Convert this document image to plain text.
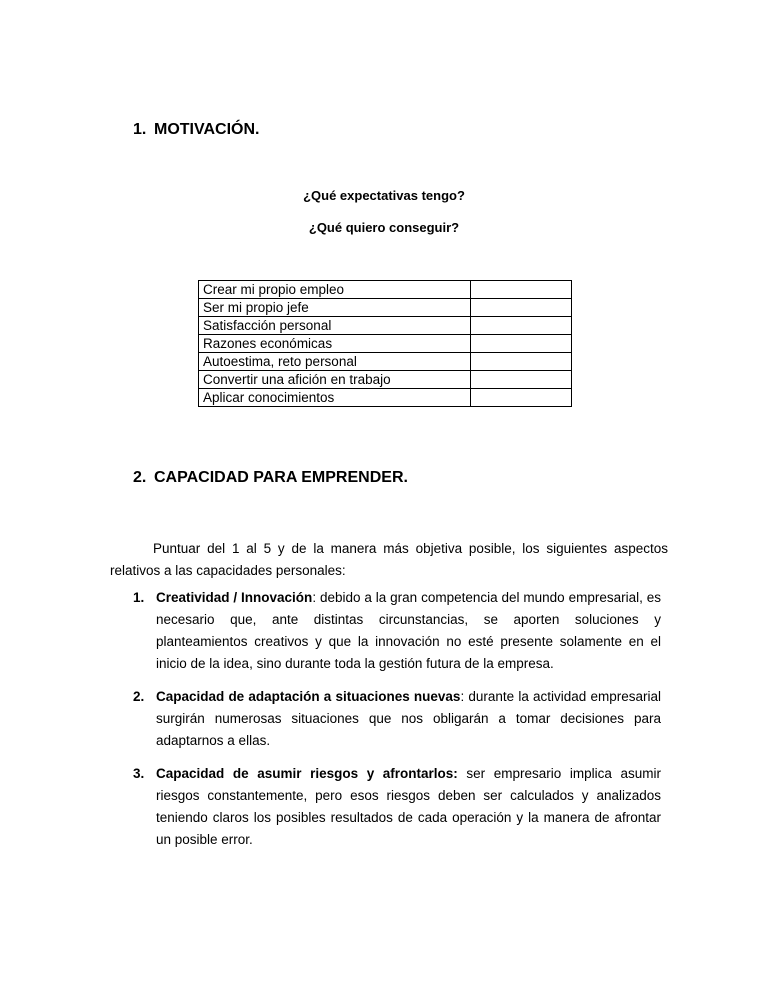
1. MOTIVACIÓN.

¿Qué expectativas tengo?

¿Qué quiero conseguir?

Crear mi propio empleo	
Ser mi propio jefe	
Satisfacción personal	
Razones económicas	
Autoestima, reto personal	
Convertir una afición en trabajo	
Aplicar conocimientos	
2. CAPACIDAD PARA EMPRENDER.

Puntuar del 1 al 5 y de la manera más objetiva posible, los siguientes aspectos relativos a las capacidades personales:

1. Creatividad / Innovación: debido a la gran competencia del mundo empresarial, es necesario que, ante distintas circunstancias, se aporten soluciones y planteamientos creativos y que la innovación no esté presente solamente en el inicio de la idea, sino durante toda la gestión futura de la empresa.
2. Capacidad de adaptación a situaciones nuevas: durante la actividad empresarial surgirán numerosas situaciones que nos obligarán a tomar decisiones para adaptarnos a ellas.
3. Capacidad de asumir riesgos y afrontarlos: ser empresario implica asumir riesgos constantemente, pero esos riesgos deben ser calculados y analizados teniendo claros los posibles resultados de cada operación y la manera de afrontar un posible error.
